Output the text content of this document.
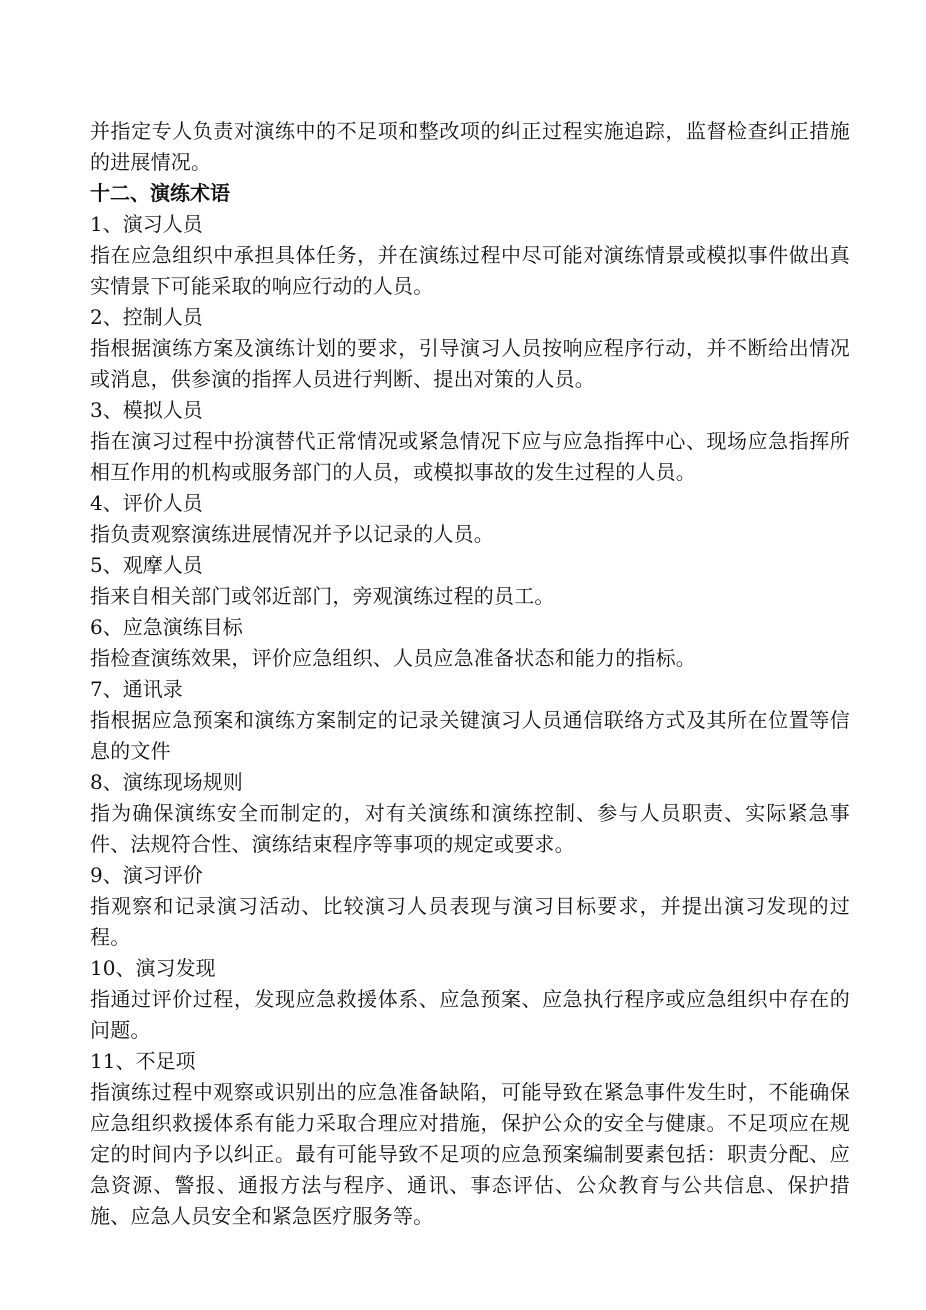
并指定专人负责对演练中的不足项和整改项的纠正过程实施追踪，监督检查纠正措施的进展情况。

十二、演练术语

1、演习人员

指在应急组织中承担具体任务，并在演练过程中尽可能对演练情景或模拟事件做出真实情景下可能采取的响应行动的人员。

2、控制人员

指根据演练方案及演练计划的要求，引导演习人员按响应程序行动，并不断给出情况或消息，供参演的指挥人员进行判断、提出对策的人员。

3、模拟人员

指在演习过程中扮演替代正常情况或紧急情况下应与应急指挥中心、现场应急指挥所相互作用的机构或服务部门的人员，或模拟事故的发生过程的人员。

4、评价人员

指负责观察演练进展情况并予以记录的人员。

5、观摩人员

指来自相关部门或邻近部门，旁观演练过程的员工。

6、应急演练目标

指检查演练效果，评价应急组织、人员应急准备状态和能力的指标。

7、通讯录

指根据应急预案和演练方案制定的记录关键演习人员通信联络方式及其所在位置等信息的文件

8、演练现场规则

指为确保演练安全而制定的，对有关演练和演练控制、参与人员职责、实际紧急事件、法规符合性、演练结束程序等事项的规定或要求。

9、演习评价

指观察和记录演习活动、比较演习人员表现与演习目标要求，并提出演习发现的过程。

10、演习发现

指通过评价过程，发现应急救援体系、应急预案、应急执行程序或应急组织中存在的问题。

11、不足项

指演练过程中观察或识别出的应急准备缺陷，可能导致在紧急事件发生时，不能确保应急组织救援体系有能力采取合理应对措施，保护公众的安全与健康。不足项应在规定的时间内予以纠正。最有可能导致不足项的应急预案编制要素包括：职责分配、应急资源、警报、通报方法与程序、通讯、事态评估、公众教育与公共信息、保护措施、应急人员安全和紧急医疗服务等。
